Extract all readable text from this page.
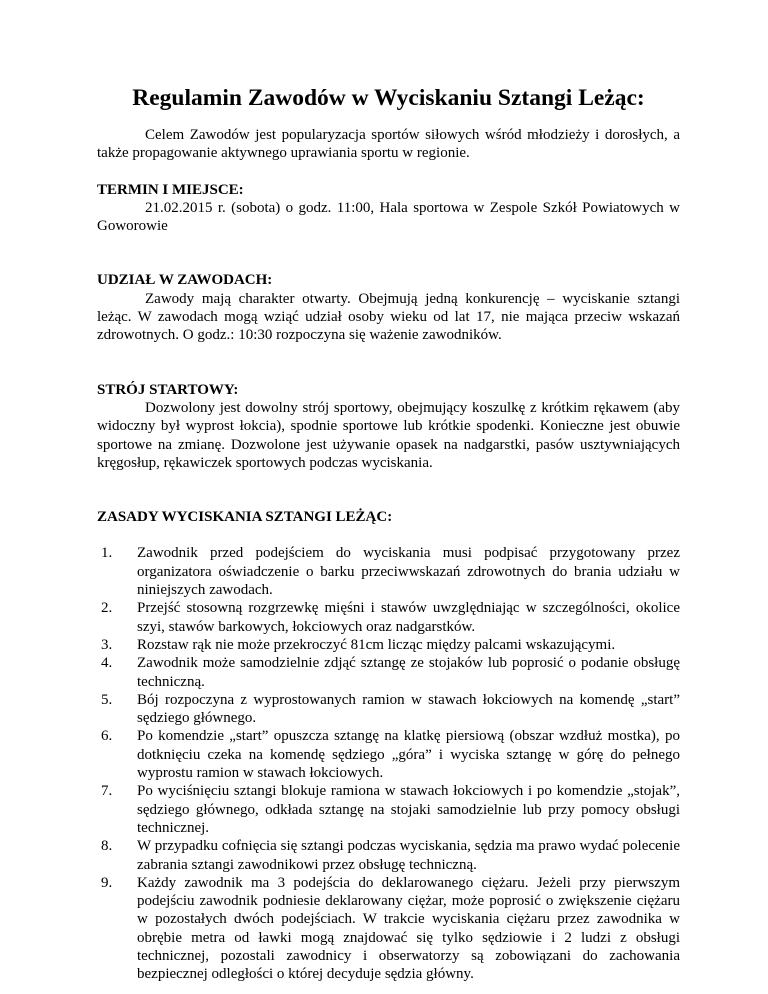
Regulamin Zawodów w Wyciskaniu Sztangi Leżąc:

Celem Zawodów jest popularyzacja sportów siłowych wśród młodzieży i dorosłych, a także propagowanie aktywnego uprawiania sportu w regionie.

TERMIN I MIEJSCE:

21.02.2015 r. (sobota) o godz. 11:00, Hala sportowa w Zespole Szkół Powiatowych w Goworowie

UDZIAŁ W ZAWODACH:

Zawody mają charakter otwarty. Obejmują jedną konkurencję – wyciskanie sztangi leżąc. W zawodach mogą wziąć udział osoby wieku od lat 17, nie mająca przeciw wskazań zdrowotnych. O godz.: 10:30 rozpoczyna się ważenie zawodników.

STRÓJ STARTOWY:

Dozwolony jest dowolny strój sportowy, obejmujący koszulkę z krótkim rękawem (aby widoczny był wyprost łokcia), spodnie sportowe lub krótkie spodenki. Konieczne jest obuwie sportowe na zmianę. Dozwolone jest używanie opasek na nadgarstki, pasów usztywniających kręgosłup, rękawiczek sportowych podczas wyciskania.

ZASADY WYCISKANIA SZTANGI LEŻĄC:

1. Zawodnik przed podejściem do wyciskania musi podpisać przygotowany przez organizatora oświadczenie o barku przeciwwskazań zdrowotnych do brania udziału w niniejszych zawodach.
2. Przejść stosowną rozgrzewkę mięśni i stawów uwzględniając w szczególności, okolice szyi, stawów barkowych, łokciowych oraz nadgarstków.
3. Rozstaw rąk nie może przekroczyć 81cm licząc między palcami wskazującymi.
4. Zawodnik może samodzielnie zdjąć sztangę ze stojaków lub poprosić o podanie obsługę techniczną.
5. Bój rozpoczyna z wyprostowanych ramion w stawach łokciowych na komendę „start” sędziego głównego.
6. Po komendzie „start” opuszcza sztangę na klatkę piersiową (obszar wzdłuż mostka), po dotknięciu czeka na komendę sędziego „góra” i wyciska sztangę w górę do pełnego wyprostu ramion w stawach łokciowych.
7. Po wyciśnięciu sztangi blokuje ramiona w stawach łokciowych i po komendzie „stojak”, sędziego głównego, odkłada sztangę na stojaki samodzielnie lub przy pomocy obsługi technicznej.
8. W przypadku cofnięcia się sztangi podczas wyciskania, sędzia ma prawo wydać polecenie zabrania sztangi zawodnikowi przez obsługę techniczną.
9. Każdy zawodnik ma 3 podejścia do deklarowanego ciężaru. Jeżeli przy pierwszym podejściu zawodnik podniesie deklarowany ciężar, może poprosić o zwiększenie ciężaru w pozostałych dwóch podejściach. W trakcie wyciskania ciężaru przez zawodnika w obrębie metra od ławki mogą znajdować się tylko sędziowie i 2 ludzi z obsługi technicznej, pozostali zawodnicy i obserwatorzy są zobowiązani do zachowania bezpiecznej odległości o której decyduje sędzia główny.
